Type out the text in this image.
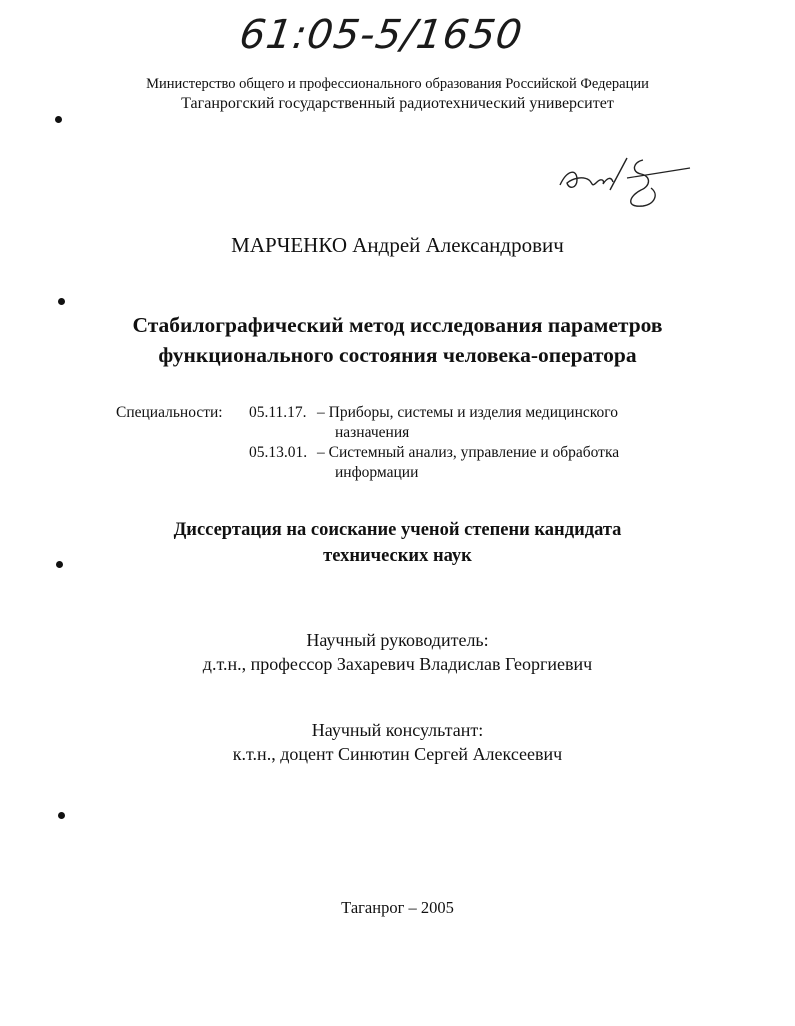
61:05-5/1650
Министерство общего и профессионального образования Российской Федерации
Таганрогский государственный радиотехнический университет
МАРЧЕНКО Андрей Александрович
Стабилографический метод исследования параметров
функционального состояния человека-оператора
Специальности: 05.11.17. – Приборы, системы и изделия медицинского
назначения
05.13.01. – Системный анализ, управление и обработка
информации
Диссертация на соискание ученой степени кандидата
технических наук
Научный руководитель:
д.т.н., профессор Захаревич Владислав Георгиевич
Научный консультант:
к.т.н., доцент Синютин Сергей Алексеевич
Таганрог – 2005
